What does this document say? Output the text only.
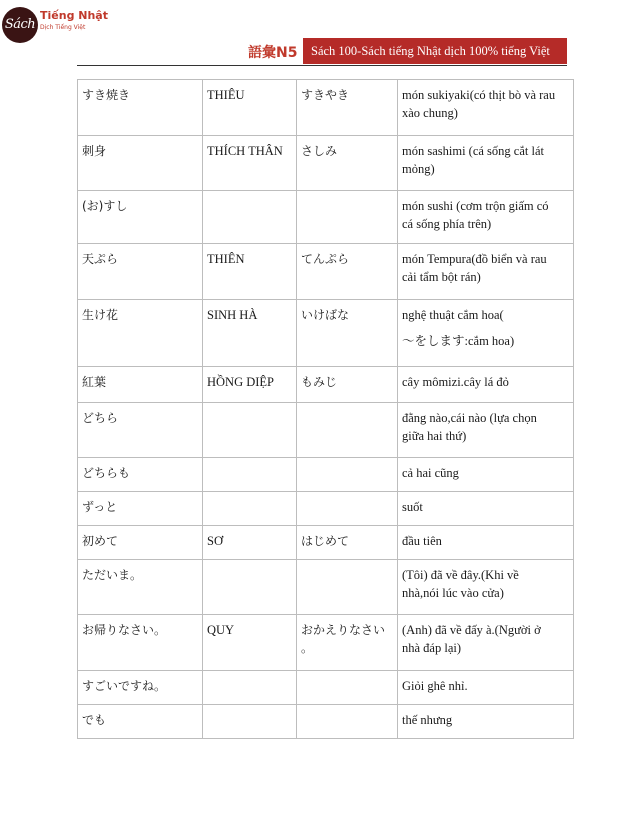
Sách
Tiếng Nhật
Dịch Tiếng Việt
語彙N5	Sách 100-Sách tiếng Nhật dịch 100% tiếng Việt
すき焼き	THIÊU	すきやき	món sukiyaki(có thịt bò và rau
xào chung)

刺身	THÍCH THÂN	さしみ	món sashimi (cá sống cắt lát
mỏng)

(お)すし			món sushi (cơm trộn giấm có
cá sống phía trên)

天ぷら	THIÊN	てんぷら	món Tempura(đồ biển và rau
cải tẩm bột rán)

生け花	SINH HÀ	いけばな	nghệ thuật cắm hoa(
～をします:cắm hoa)

紅葉	HỒNG DIỆP	もみじ	cây mômizi.cây lá đỏ

どちら			đằng nào,cái nào (lựa chọn
giữa hai thứ)

どちらも			cả hai cũng

ずっと			suốt

初めて	SƠ	はじめて	đầu tiên

ただいま。			(Tôi) đã về đây.(Khi về
nhà,nói lúc vào cửa)

お帰りなさい。	QUY	おかえりなさい
。	(Anh) đã về đấy à.(Người ở
nhà đáp lại)

すごいですね。			Giỏi ghê nhỉ.

でも			thế nhưng
